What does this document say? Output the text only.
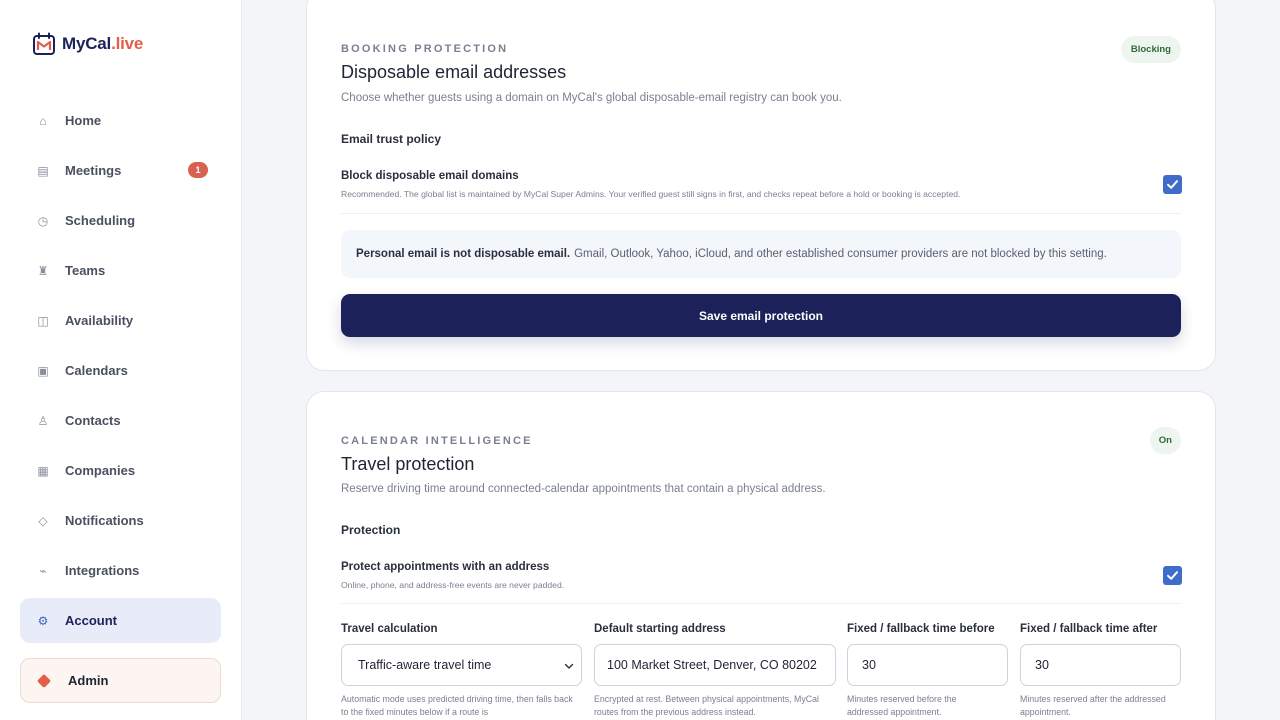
MyCal.live
⌂ Home
▤ Meetings	1
◷ Scheduling
♜ Teams
◫ Availability
▣ Calendars
♙ Contacts
▦ Companies
◇ Notifications
⌁ Integrations
⚙ Account
Admin
BOOKING PROTECTION	Blocking
Disposable email addresses
Choose whether guests using a domain on MyCal's global disposable-email registry can book you.
Email trust policy
Block disposable email domains
Recommended. The global list is maintained by MyCal Super Admins. Your verified guest still signs in first, and checks repeat before a hold or booking is accepted.
Personal email is not disposable email. Gmail, Outlook, Yahoo, iCloud, and other established consumer providers are not blocked by this setting.
Save email protection
CALENDAR INTELLIGENCE	On
Travel protection
Reserve driving time around connected-calendar appointments that contain a physical address.
Protection
Protect appointments with an address
Online, phone, and address-free events are never padded.
Travel calculation
Traffic-aware travel time
Automatic mode uses predicted driving time, then falls back to the fixed minutes below if a route is
Default starting address
100 Market Street, Denver, CO 80202
Encrypted at rest. Between physical appointments, MyCal routes from the previous address instead.
Fixed / fallback time before
30
Minutes reserved before the addressed appointment.
Fixed / fallback time after
30
Minutes reserved after the addressed appointment.
